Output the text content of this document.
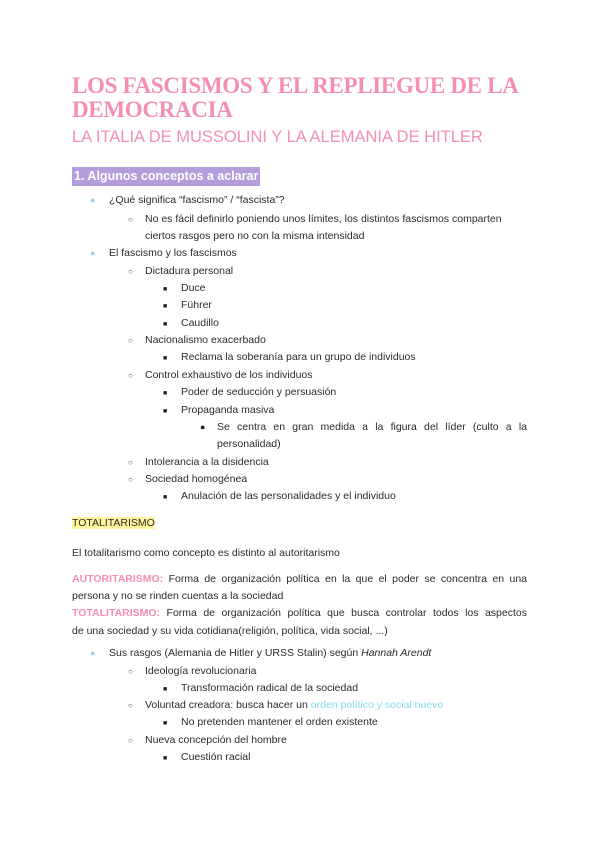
LOS FASCISMOS Y EL REPLIEGUE DE LA DEMOCRACIA
LA ITALIA DE MUSSOLINI Y LA ALEMANIA DE HITLER
1. Algunos conceptos a aclarar
● ¿Qué significa “fascismo” / “fascista”?
○ No es fácil definirlo poniendo unos límites, los distintos fascismos comparten
ciertos rasgos pero no con la misma intensidad
● El fascismo y los fascismos
○ Dictadura personal
■ Duce
■ Führer
■ Caudillo
○ Nacionalismo exacerbado
■ Reclama la soberanía para un grupo de individuos
○ Control exhaustivo de los individuos
■ Poder de seducción y persuasión
■ Propaganda masiva
● Se centra en gran medida a la figura del líder (culto a la
personalidad)
○ Intolerancia a la disidencia
○ Sociedad homogénea
■ Anulación de las personalidades y el individuo
TOTALITARISMO
El totalitarismo como concepto es distinto al autoritarismo
AUTORITARISMO: Forma de organización política en la que el poder se concentra en una
persona y no se rinden cuentas a la sociedad
TOTALITARISMO: Forma de organización política que busca controlar todos los aspectos
de una sociedad y su vida cotidiana(religión, política, vida social, ...)
● Sus rasgos (Alemania de Hitler y URSS Stalin) según Hannah Arendt
○ Ideología revolucionaria
■ Transformación radical de la sociedad
○ Voluntad creadora: busca hacer un orden político y social nuevo
■ No pretenden mantener el orden existente
○ Nueva concepción del hombre
■ Cuestión racial
